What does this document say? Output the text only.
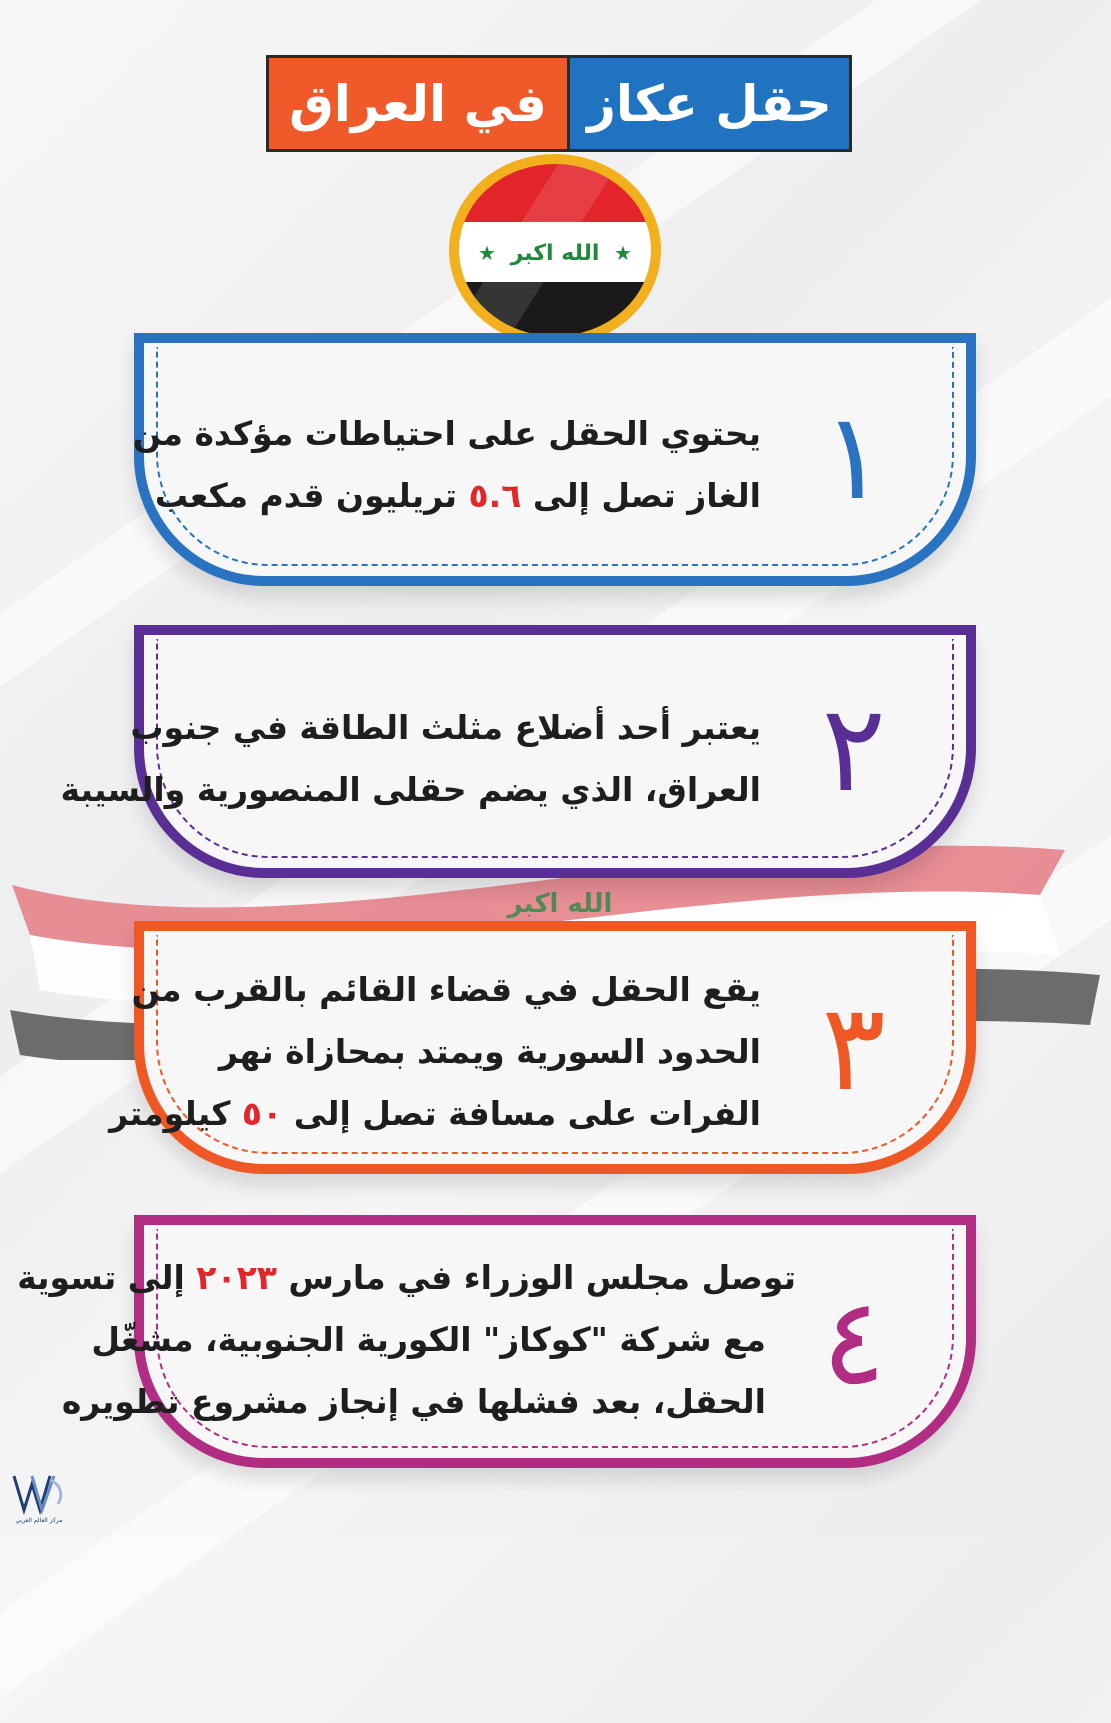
الله اكبر
في العراق حقل عكاز
الله اكبر
★	★
يحتوي الحقل على احتياطات مؤكدة من
الغاز تصل إلى ٥.٦ تريليون قدم مكعب	١
يعتبر أحد أضلاع مثلث الطاقة في جنوب
العراق، الذي يضم حقلى المنصورية والسيبة ٢
يقع الحقل في قضاء القائم بالقرب من
الحدود السورية ويمتد بمحازاة نهر
الفرات على مسافة تصل إلى ٥٠ كيلومتر	٣
توصل مجلس الوزراء في مارس ٢٠٢٣ إلى تسوية
مع شركة "كوكاز" الكورية الجنوبية، مشغّل
الحقل، بعد فشلها في إنجاز مشروع تطويره ٤
مركز العالم العربي
